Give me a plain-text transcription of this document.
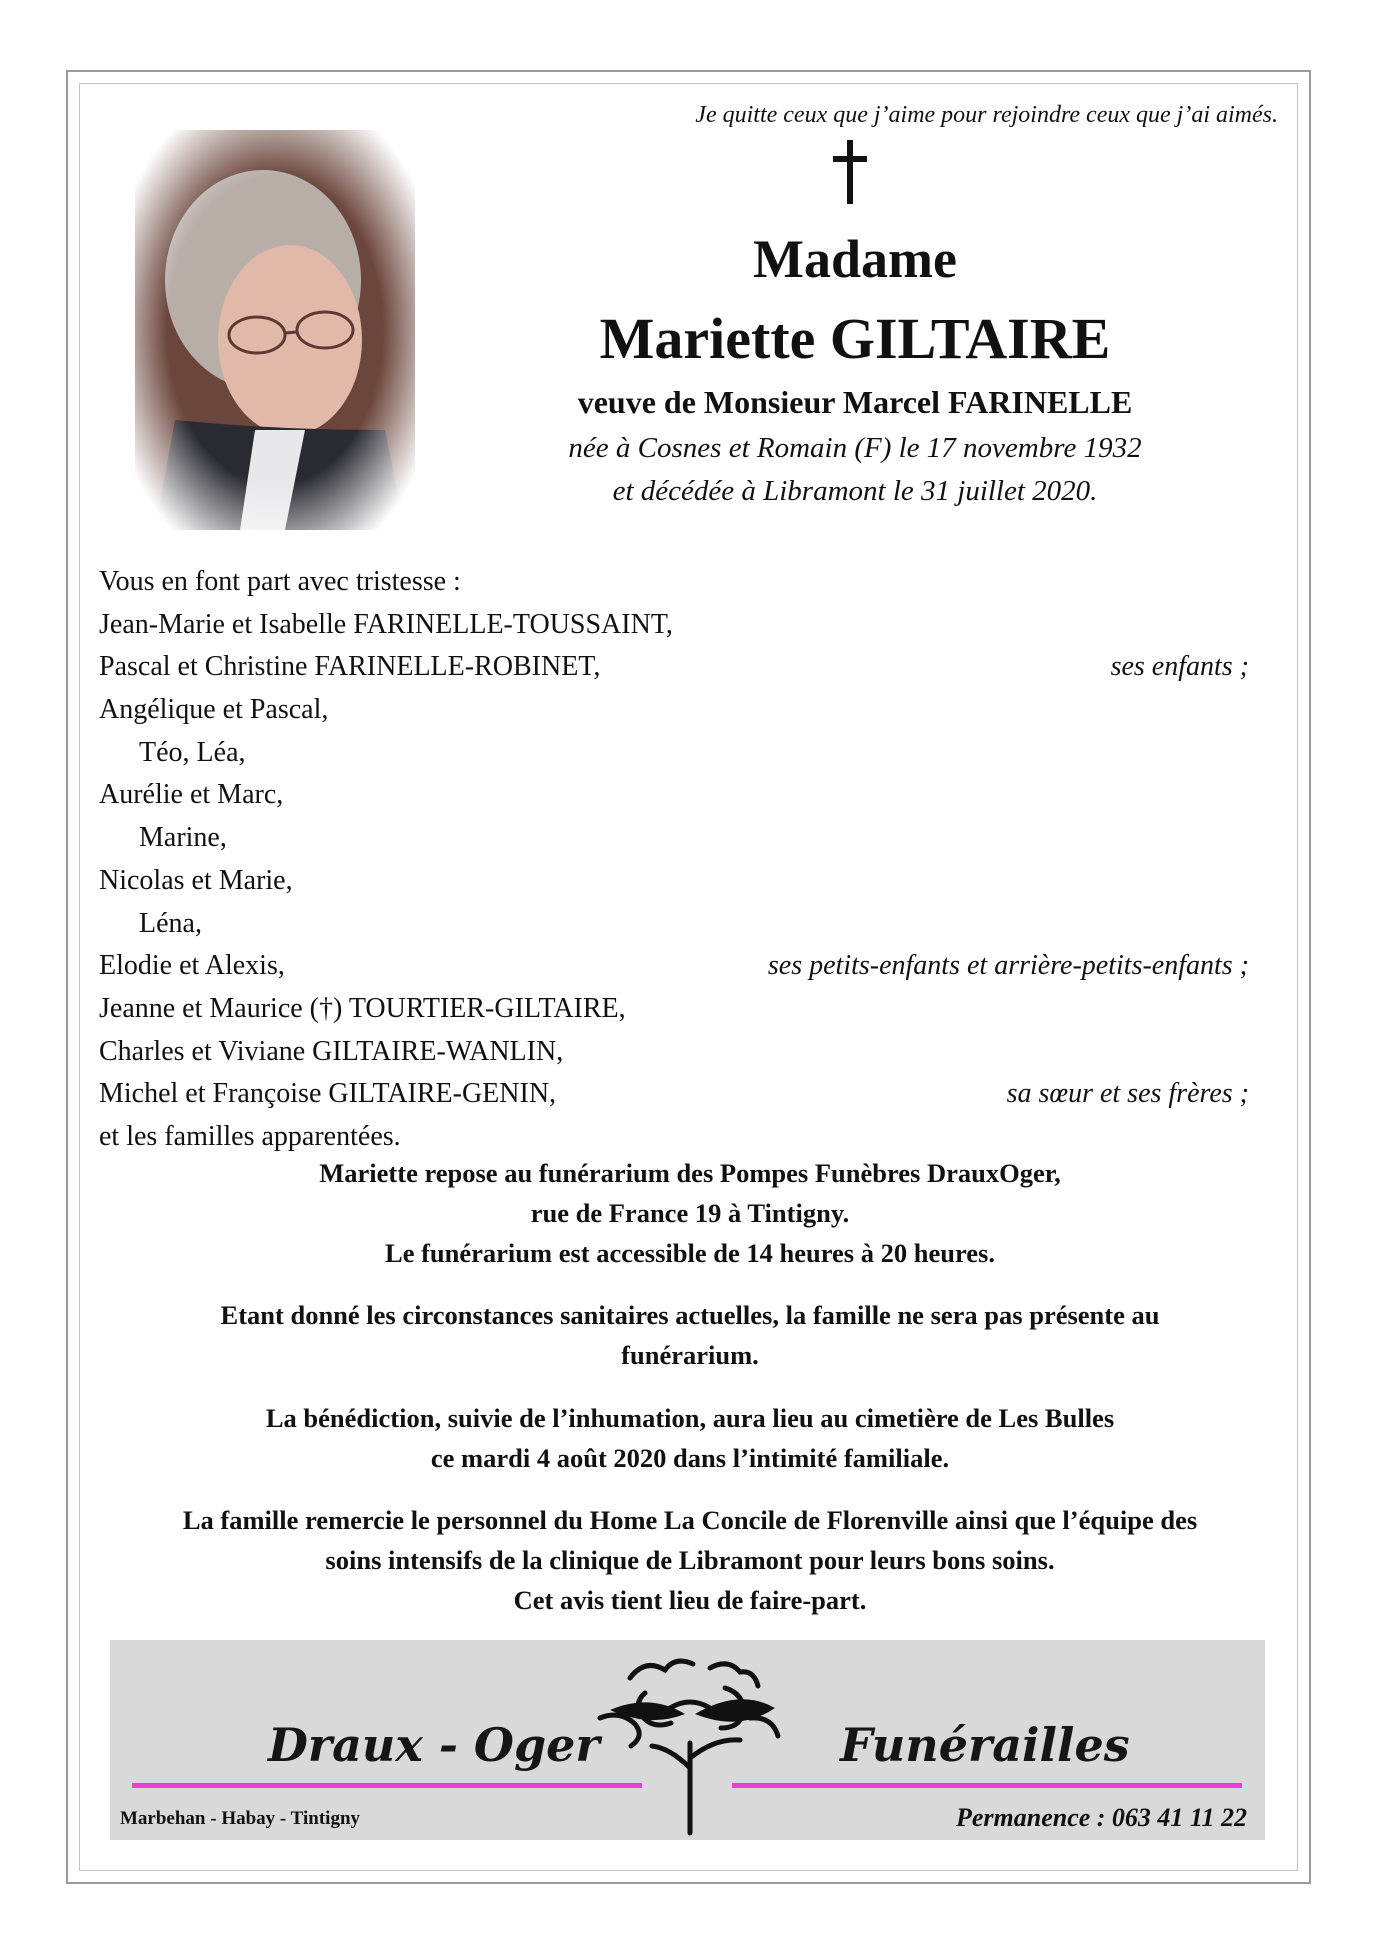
Je quitte ceux que j’aime pour rejoindre ceux que j’ai aimés.
Madame
Mariette GILTAIRE
veuve de Monsieur Marcel FARINELLE
née à Cosnes et Romain (F) le 17 novembre 1932
et décédée à Libramont le 31 juillet 2020.
Vous en font part avec tristesse :
Jean-Marie et Isabelle FARINELLE-TOUSSAINT,
Pascal et Christine FARINELLE-ROBINET,	ses enfants ;
Angélique et Pascal,
Téo, Léa,
Aurélie et Marc,
Marine,
Nicolas et Marie,
Léna,
Elodie et Alexis,	ses petits-enfants et arrière-petits-enfants ;
Jeanne et Maurice (†) TOURTIER-GILTAIRE,
Charles et Viviane GILTAIRE-WANLIN,
Michel et Françoise GILTAIRE-GENIN,	sa sœur et ses frères ;
et les familles apparentées.
Mariette repose au funérarium des Pompes Funèbres DrauxOger,
rue de France 19 à Tintigny.
Le funérarium est accessible de 14 heures à 20 heures.
Etant donné les circonstances sanitaires actuelles, la famille ne sera pas présente au
funérarium.
La bénédiction, suivie de l’inhumation, aura lieu au cimetière de Les Bulles
ce mardi 4 août 2020 dans l’intimité familiale.
La famille remercie le personnel du Home La Concile de Florenville ainsi que l’équipe des
soins intensifs de la clinique de Libramont pour leurs bons soins.
Cet avis tient lieu de faire-part.
Draux - Oger	Funérailles
Marbehan - Habay - Tintigny	Permanence : 063 41 11 22
